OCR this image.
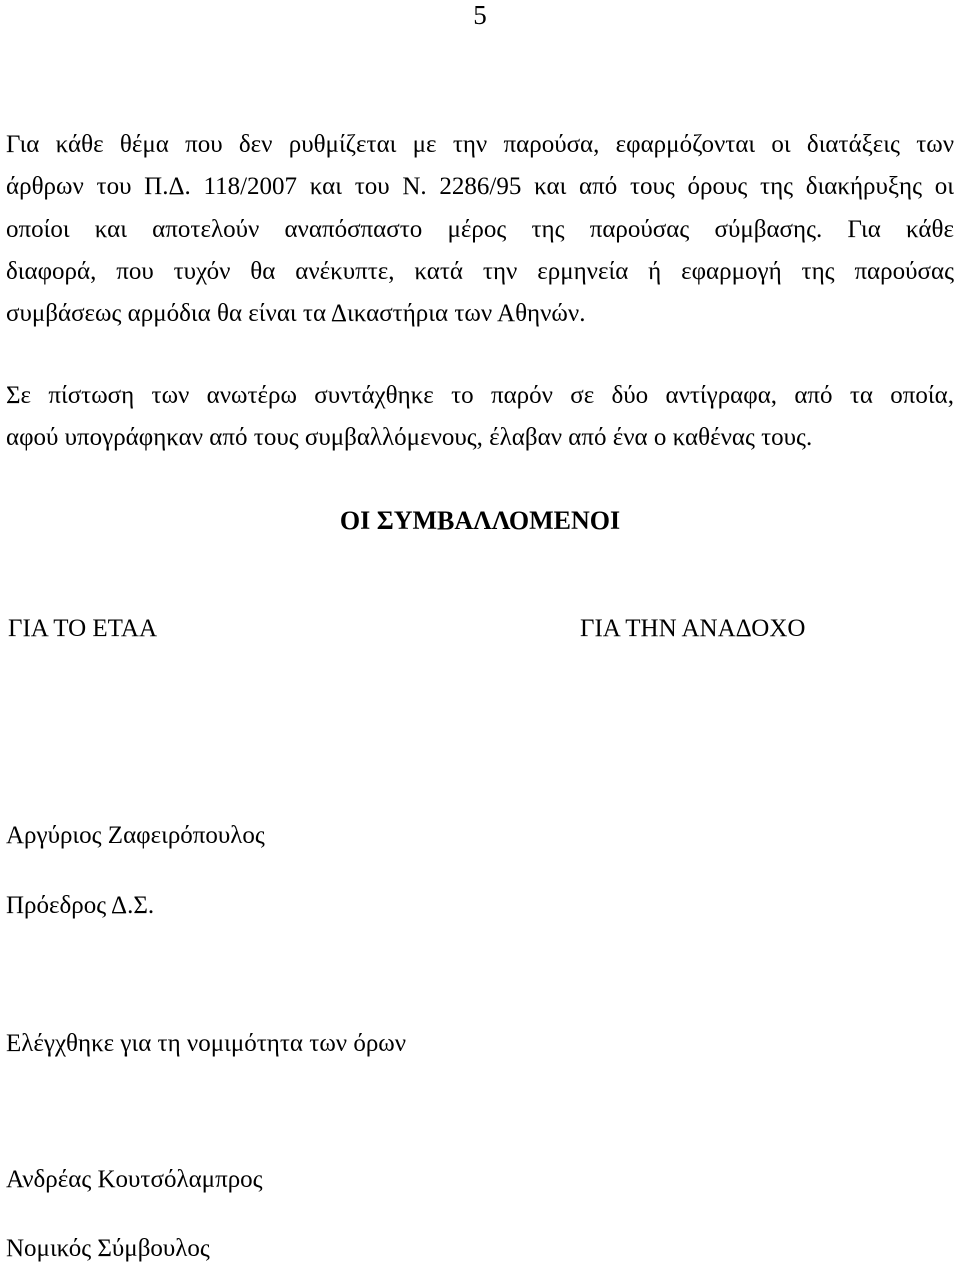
5
Για κάθε θέμα που δεν ρυθμίζεται με την παρούσα, εφαρμόζονται οι διατάξεις των
άρθρων του Π.Δ. 118/2007 και του Ν. 2286/95 και από τους όρους της διακήρυξης οι
οποίοι και αποτελούν αναπόσπαστο μέρος της παρούσας σύμβασης. Για κάθε
διαφορά, που τυχόν θα ανέκυπτε, κατά την ερμηνεία ή εφαρμογή της παρούσας
συμβάσεως αρμόδια θα είναι τα Δικαστήρια των Αθηνών.
Σε πίστωση των ανωτέρω συντάχθηκε το παρόν σε δύο αντίγραφα, από τα οποία,
αφού υπογράφηκαν από τους συμβαλλόμενους, έλαβαν από ένα ο καθένας τους.
ΟΙ ΣΥΜΒΑΛΛΟΜΕΝΟΙ
ΓΙΑ ΤΟ ΕΤΑΑ	ΓΙΑ ΤΗΝ ΑΝΑΔΟΧΟ
Αργύριος Ζαφειρόπουλος
Πρόεδρος Δ.Σ.
Ελέγχθηκε για τη νομιμότητα των όρων
Ανδρέας Κουτσόλαμπρος
Νομικός Σύμβουλος
